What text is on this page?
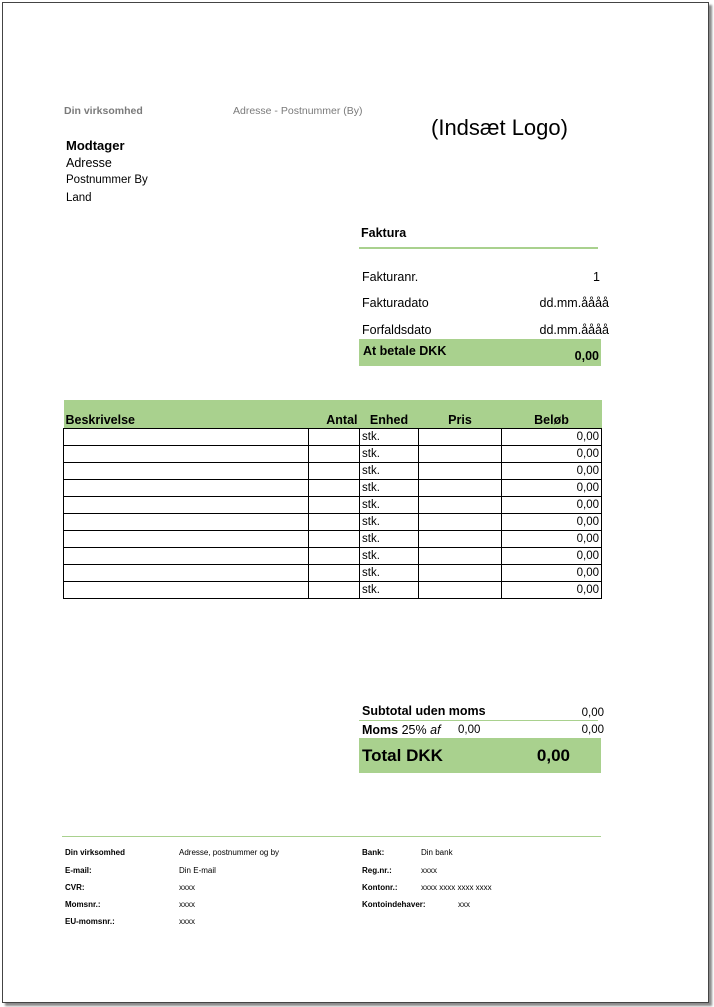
Din virksomhed	Adresse - Postnummer (By)
(Indsæt Logo)
Modtager
Adresse
Postnummer By
Land
Faktura
Fakturanr.	1
Fakturadato	dd.mm.åååå
Forfaldsdato	dd.mm.åååå
At betale DKK	0,00
Beskrivelse	Antal	Enhed	Pris	Beløb
		stk.		0,00
		stk.		0,00
		stk.		0,00
		stk.		0,00
		stk.		0,00
		stk.		0,00
		stk.		0,00
		stk.		0,00
		stk.		0,00
		stk.		0,00
Subtotal uden moms	0,00
Moms 25% af 0,00	0,00
Total DKK	0,00
Din virksomhed	Adresse, postnummer og by
E-mail:	Din E-mail
CVR:	xxxx
Momsnr.:	xxxx
EU-momsnr.:	xxxx
Bank:	Din bank
Reg.nr.:	xxxx
Kontonr.:	xxxx xxxx xxxx xxxx
Kontoindehaver:	xxx
